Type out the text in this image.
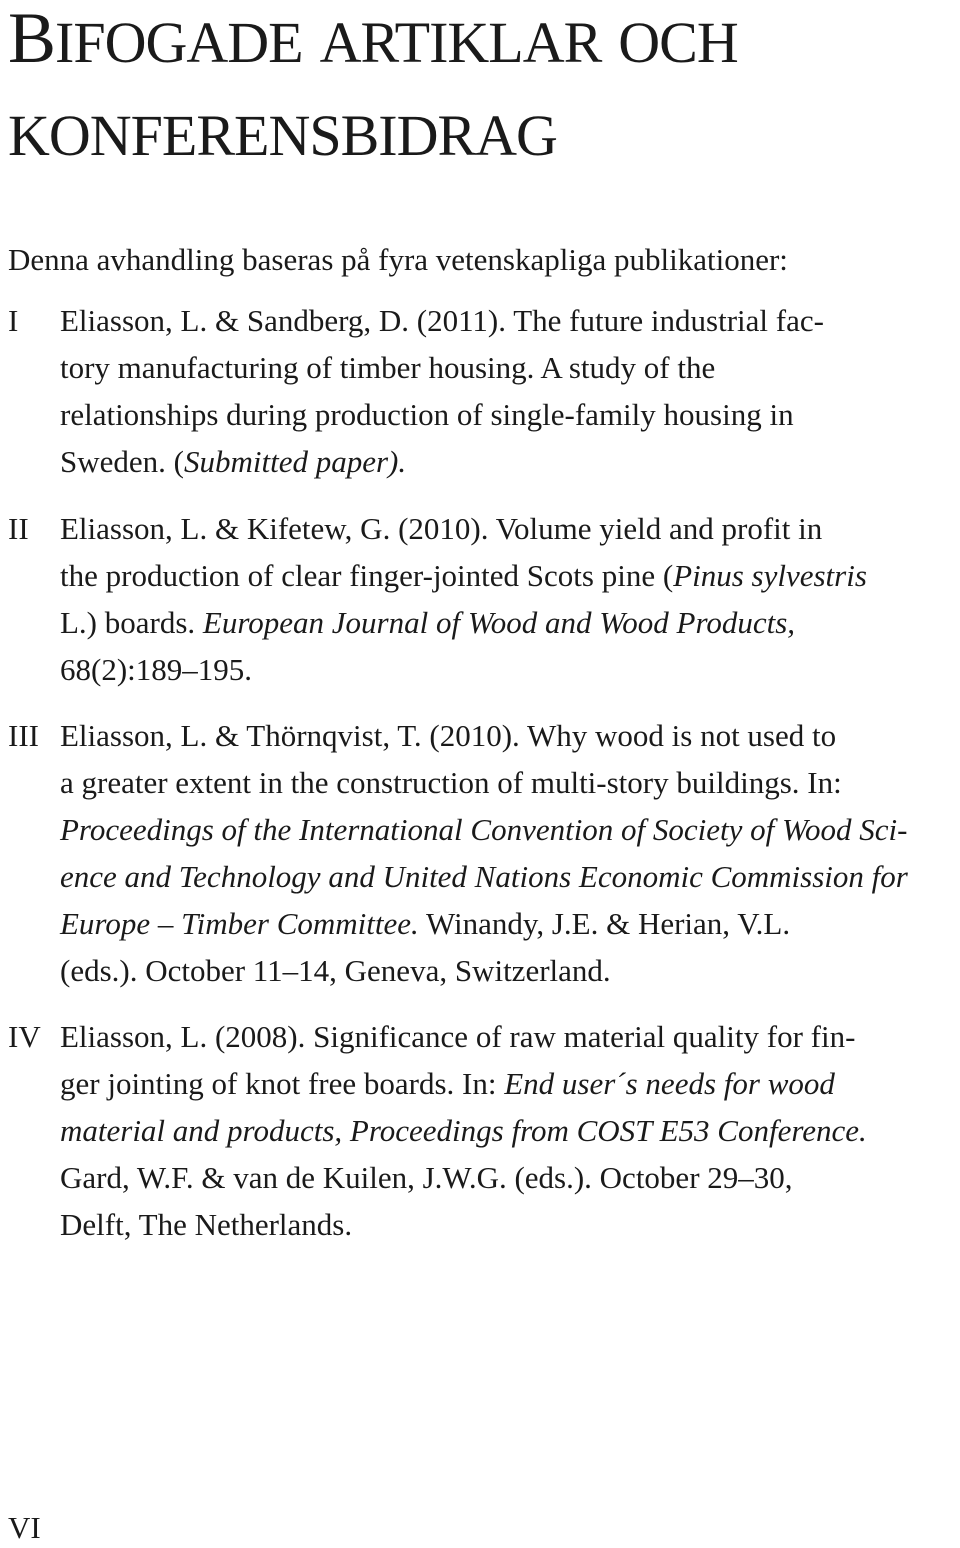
BIFOGADE ARTIKLAR OCH
KONFERENSBIDRAG
Denna avhandling baseras på fyra vetenskapliga publikationer:
I Eliasson, L. & Sandberg, D. (2011). The future industrial fac-
tory manufacturing of timber housing. A study of the
relationships during production of single-family housing in
Sweden. (Submitted paper).
II Eliasson, L. & Kifetew, G. (2010). Volume yield and profit in
the production of clear finger-jointed Scots pine (Pinus sylvestris
L.) boards. European Journal of Wood and Wood Products,
68(2):189–195.
III Eliasson, L. & Thörnqvist, T. (2010). Why wood is not used to
a greater extent in the construction of multi-story buildings. In:
Proceedings of the International Convention of Society of Wood Sci-
ence and Technology and United Nations Economic Commission for
Europe – Timber Committee. Winandy, J.E. & Herian, V.L.
(eds.). October 11–14, Geneva, Switzerland.
IV Eliasson, L. (2008). Significance of raw material quality for fin-
ger jointing of knot free boards. In: End user´s needs for wood
material and products, Proceedings from COST E53 Conference.
Gard, W.F. & van de Kuilen, J.W.G. (eds.). October 29–30,
Delft, The Netherlands.
VI
